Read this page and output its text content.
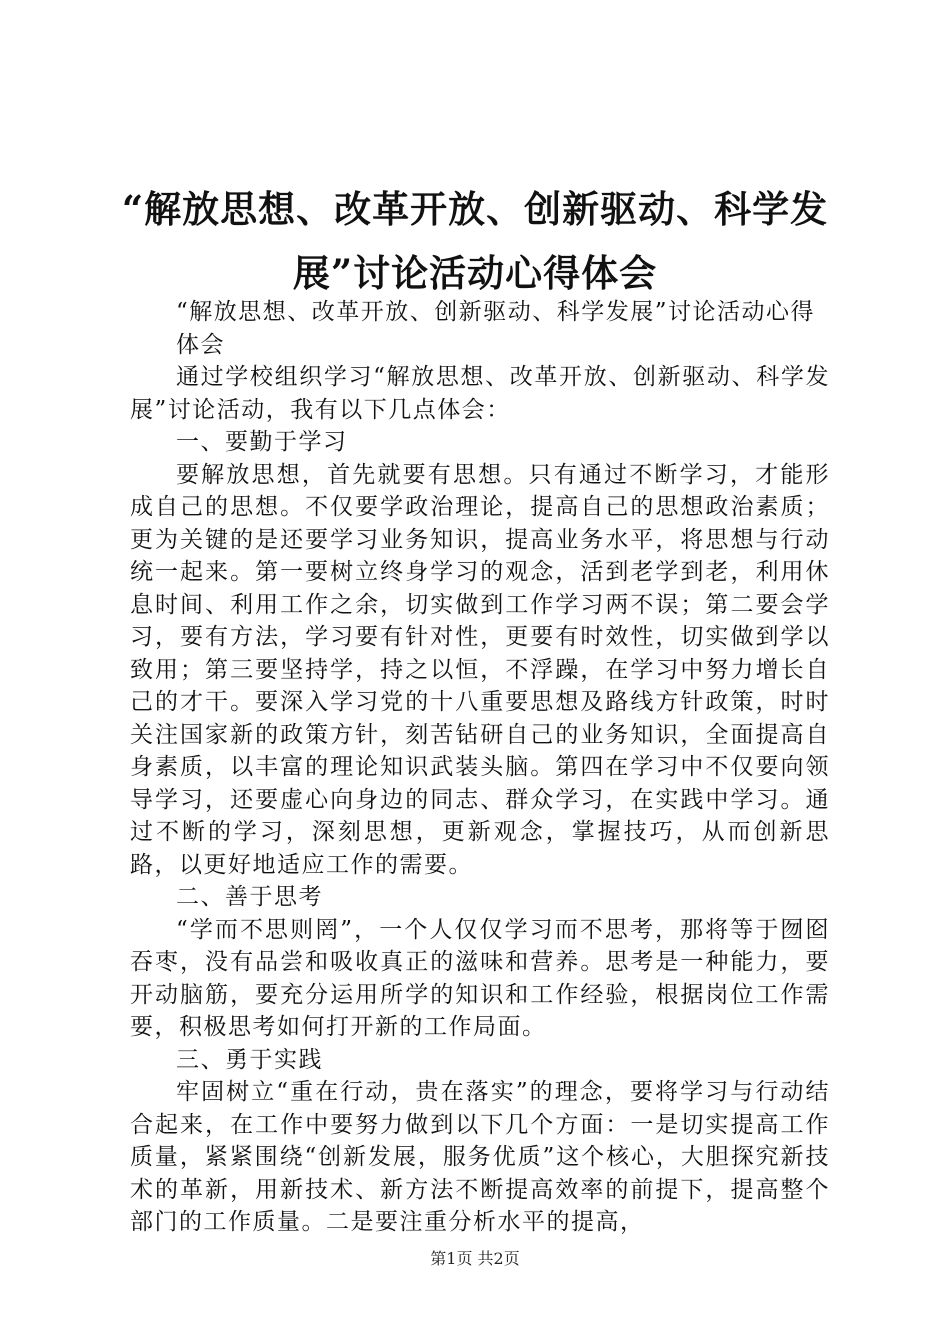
“解放思想、改革开放、创新驱动、科学发
展”讨论活动心得体会

“解放思想、改革开放、创新驱动、科学发展”讨论活动心得体会

通过学校组织学习“解放思想、改革开放、创新驱动、科学发展”讨论活动，我有以下几点体会：

一、要勤于学习

要解放思想，首先就要有思想。只有通过不断学习，才能形成自己的思想。不仅要学政治理论，提高自己的思想政治素质；更为关键的是还要学习业务知识，提高业务水平，将思想与行动统一起来。第一要树立终身学习的观念，活到老学到老，利用休息时间、利用工作之余，切实做到工作学习两不误；第二要会学习，要有方法，学习要有针对性，更要有时效性，切实做到学以致用；第三要坚持学，持之以恒，不浮躁，在学习中努力增长自己的才干。要深入学习党的十八重要思想及路线方针政策，时时关注国家新的政策方针，刻苦钻研自己的业务知识，全面提高自身素质，以丰富的理论知识武装头脑。第四在学习中不仅要向领导学习，还要虚心向身边的同志、群众学习，在实践中学习。通过不断的学习，深刻思想，更新观念，掌握技巧，从而创新思路，以更好地适应工作的需要。

二、善于思考

“学而不思则罔”，一个人仅仅学习而不思考，那将等于囫囵吞枣，没有品尝和吸收真正的滋味和营养。思考是一种能力，要开动脑筋，要充分运用所学的知识和工作经验，根据岗位工作需要，积极思考如何打开新的工作局面。

三、勇于实践

牢固树立“重在行动，贵在落实”的理念，要将学习与行动结合起来，在工作中要努力做到以下几个方面：一是切实提高工作质量，紧紧围绕“创新发展，服务优质”这个核心，大胆探究新技术的革新，用新技术、新方法不断提高效率的前提下，提高整个部门的工作质量。二是要注重分析水平的提高，

第1页 共2页
